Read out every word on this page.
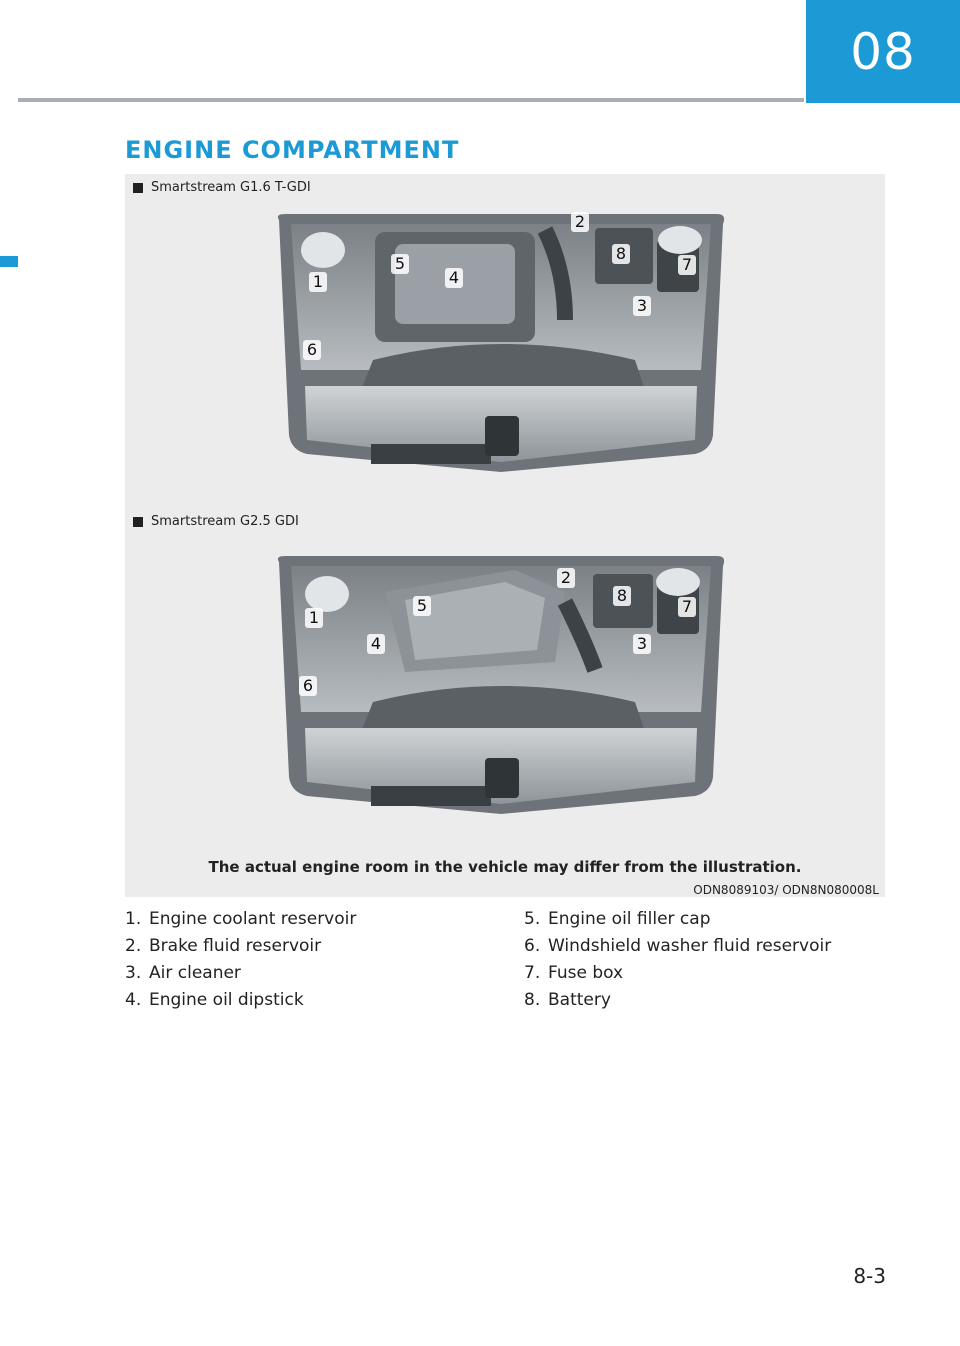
08
ENGINE COMPARTMENT
Smartstream G1.6 T-GDI
2
8
7
5
4
1
3
6
Smartstream G2.5 GDI
2
8
7
5
1
4	3
6
The actual engine room in the vehicle may differ from the illustration.
ODN8089103/ ODN8N080008L
1. Engine coolant reservoir
2. Brake fluid reservoir
3. Air cleaner
4. Engine oil dipstick
5. Engine oil filler cap
6. Windshield washer fluid reservoir
7. Fuse box
8. Battery
8-3
